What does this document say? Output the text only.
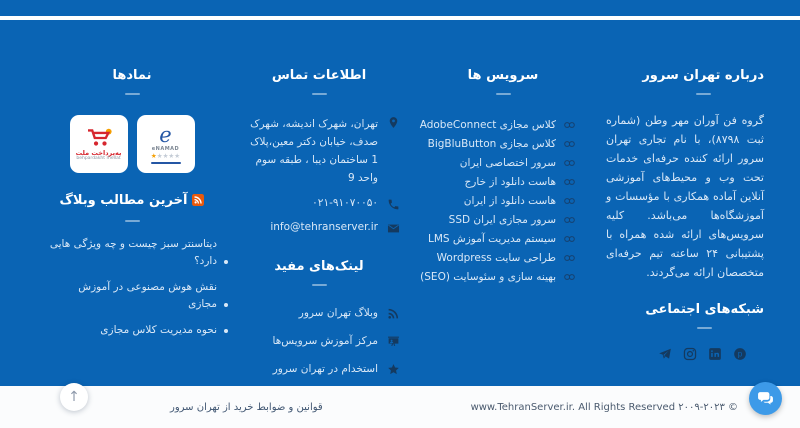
درباره تهران سرور

گروه فن آوران مهر وطن (شماره ثبت ۸۷۹۸)، با نام تجاری تهران سرور ارائه کننده حرفه‌ای خدمات تحت وب و محیط‌های آموزشی آنلاین آماده همکاری با مؤسسات و آموزشگاه‌ها می‌باشد. کلیه سرویس‌های ارائه شده همراه با پشتیبانی ۲۴ ساعته تیم حرفه‌ای متخصصان ارائه می‌گردند.

شبکه‌های اجتماعی
p
سرویس ها
کلاس مجازی AdobeConnect
کلاس مجازی BigBluButton
سرور اختصاصی ایران
هاست دانلود از خارج
هاست دانلود از ایران
سرور مجازی ایران SSD
سیستم مدیریت آموزش LMS
طراحی سایت Wordpress
بهینه سازی و سئوسایت (SEO)
اطلاعات تماس
تهران، شهرک اندیشه، شهرک صدف، خیابان دکتر معین،پلاک 1 ساختمان دیبا ، طبقه سوم واحد 9
۰۲۱-۹۱۰۷۰۰۵۰
info@tehranserver.ir
لینک‌های مفید
وبلاگ تهران سرور
مرکز آموزش سرویس‌ها
استخدام در تهران سرور
نمادها
به‌پرداخت ملت
behpardakht mellat
e
eNAMAD
★★★★★
آخرین مطالب وبلاگ
دیتاسنتر سبز چیست و چه ویژگی هایی دارد؟
نقش هوش مصنوعی در آموزش مجازی
نحوه مدیریت کلاس مجازی
↑
قوانین و ضوابط خرید از تهران سرور	www.TehranServer.ir. All Rights Reserved ۲۰۰۹-۲۰۲۳ ©
